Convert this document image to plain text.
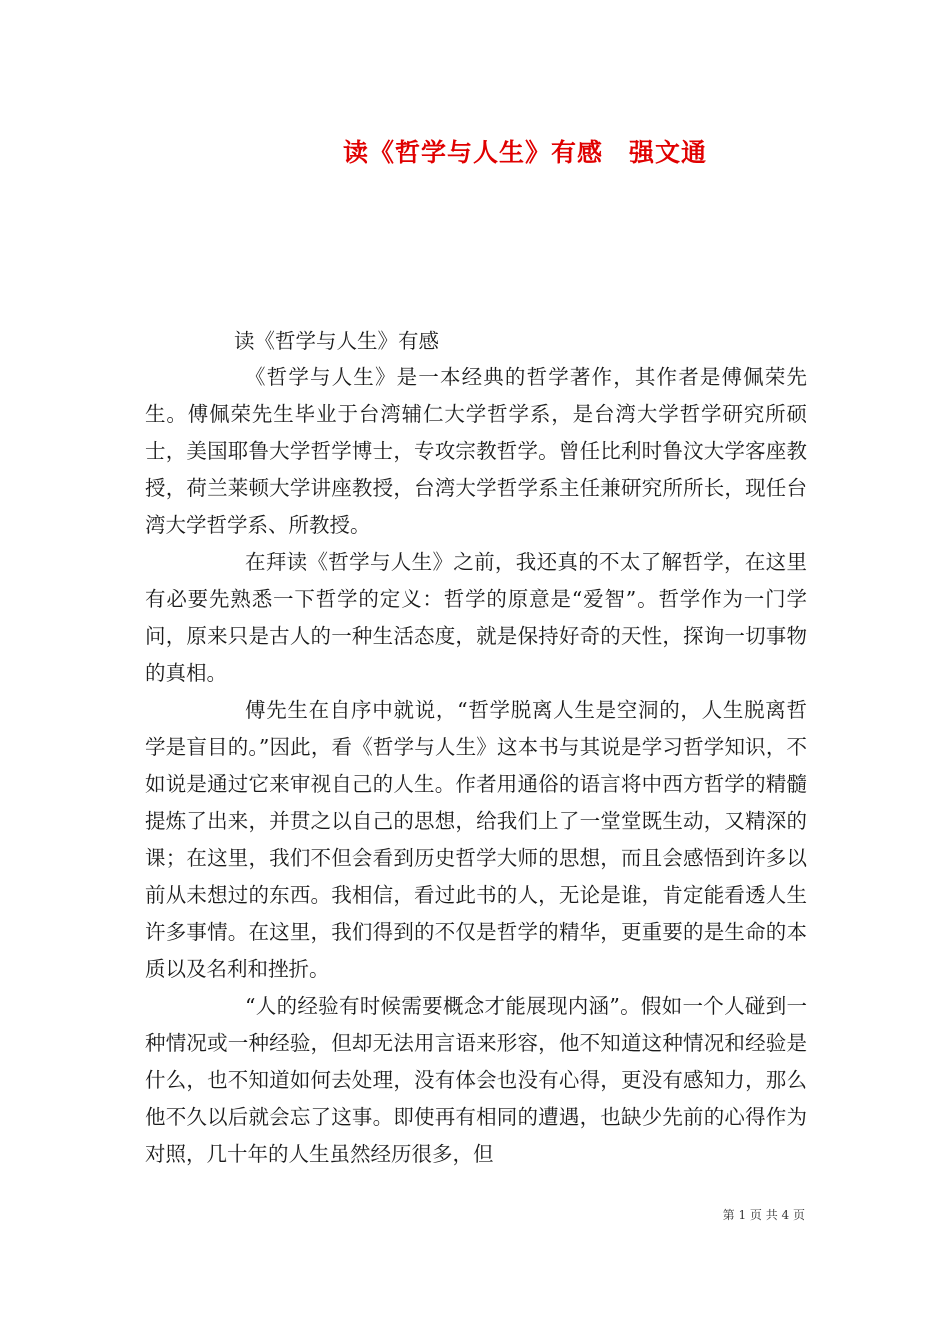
读《哲学与人生》有感　强文通

读《哲学与人生》有感

《哲学与人生》是一本经典的哲学著作，其作者是傅佩荣先生。傅佩荣先生毕业于台湾辅仁大学哲学系，是台湾大学哲学研究所硕士，美国耶鲁大学哲学博士，专攻宗教哲学。曾任比利时鲁汶大学客座教授，荷兰莱顿大学讲座教授，台湾大学哲学系主任兼研究所所长，现任台湾大学哲学系、所教授。

在拜读《哲学与人生》之前，我还真的不太了解哲学，在这里有必要先熟悉一下哲学的定义：哲学的原意是“爱智”。哲学作为一门学问，原来只是古人的一种生活态度，就是保持好奇的天性，探询一切事物的真相。

傅先生在自序中就说，“哲学脱离人生是空洞的，人生脱离哲学是盲目的。”因此，看《哲学与人生》这本书与其说是学习哲学知识，不如说是通过它来审视自己的人生。作者用通俗的语言将中西方哲学的精髓提炼了出来，并贯之以自己的思想，给我们上了一堂堂既生动，又精深的课；在这里，我们不但会看到历史哲学大师的思想，而且会感悟到许多以前从未想过的东西。我相信，看过此书的人，无论是谁，肯定能看透人生许多事情。在这里，我们得到的不仅是哲学的精华，更重要的是生命的本质以及名利和挫折。

“人的经验有时候需要概念才能展现内涵”。假如一个人碰到一种情况或一种经验，但却无法用言语来形容，他不知道这种情况和经验是什么，也不知道如何去处理，没有体会也没有心得，更没有感知力，那么他不久以后就会忘了这事。即使再有相同的遭遇，也缺少先前的心得作为对照，几十年的人生虽然经历很多，但

第 1 页 共 4 页
